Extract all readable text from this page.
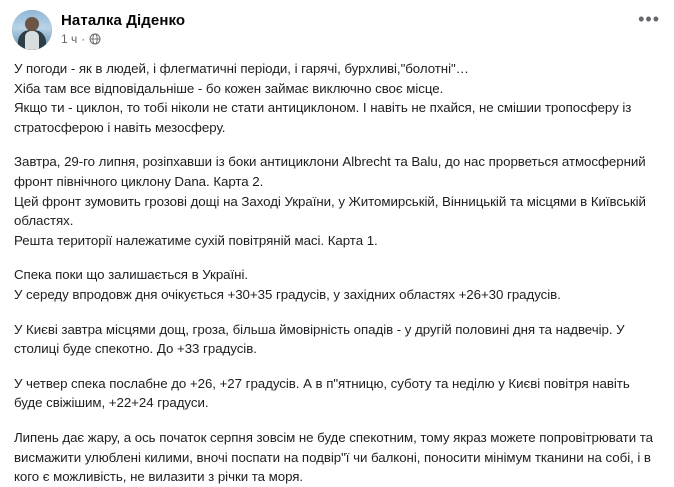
Наталка Діденко
1 ч ·
•••

У погоди - як в людей, і флегматичні періоди, і гарячі, бурхливі,"болотні"…

Хіба там все відповідальніше - бо кожен займає виключно своє місце.

Якщо ти - циклон, то тобі ніколи не стати антициклоном. І навіть не пхайся, не смішии тропосферу із стратосферою і навіть мезосферу.

Завтра, 29-го липня, розіпхавши із боки антициклони Albrecht та Balu, до нас прорветься атмосферний фронт північного циклону Dana. Карта 2.

Цей фронт зумовить грозові дощі на Заході України, у Житомирській, Вінницькій та місцями в Київській областях.

Решта території належатиме сухій повітряній масі. Карта 1.

Спека поки що залишається в Україні.

У середу впродовж дня очікується +30+35 градусів, у західних областях +26+30 градусів.

У Києві завтра місцями дощ, гроза, більша ймовірність опадів - у другій половині дня та надвечір. У столиці буде спекотно. До +33 градусів.

У четвер спека послабне до +26, +27 градусів. А в п"ятницю, суботу та неділю у Києві повітря навіть буде свіжішим, +22+24 градуси.

Липень дає жару, а ось початок серпня зовсім не буде спекотним, тому якраз можете попровітрювати та висмажити улюблені килими, вночі поспати на подвір"ї чи балконі, поносити мінімум тканини на собі, і в кого є можливість, не вилазити з річки та моря.
